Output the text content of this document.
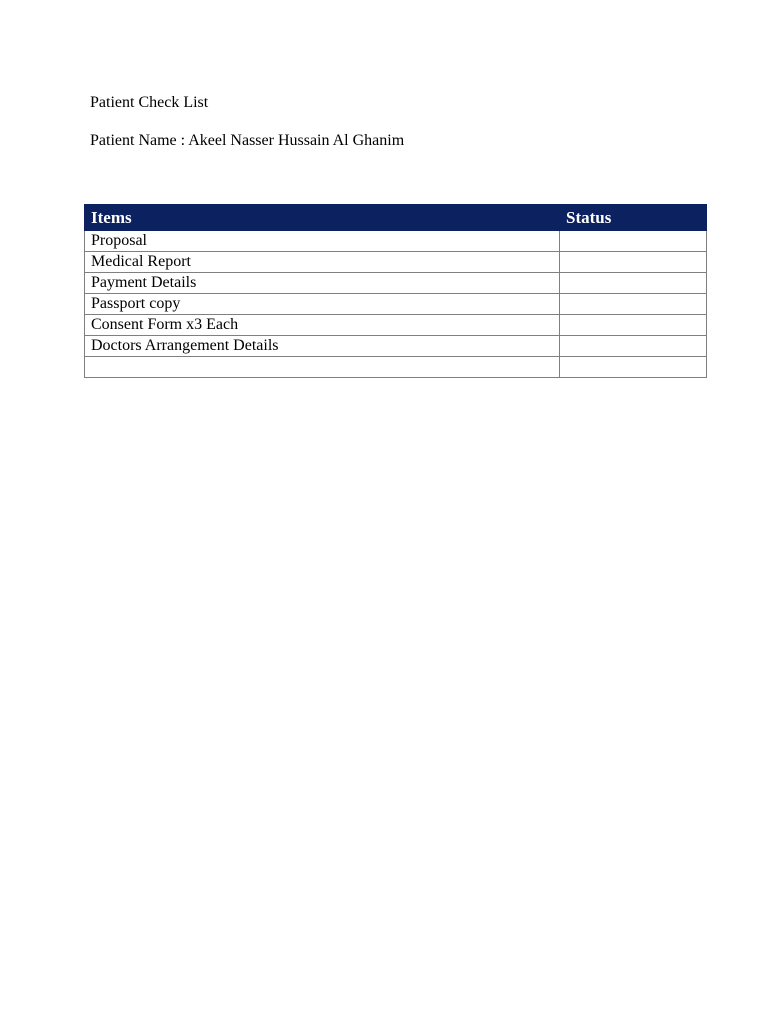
Patient Check List
Patient Name : Akeel Nasser Hussain Al Ghanim
Items	Status
Proposal	
Medical Report	
Payment Details	
Passport copy	
Consent Form x3 Each	
Doctors Arrangement Details	
